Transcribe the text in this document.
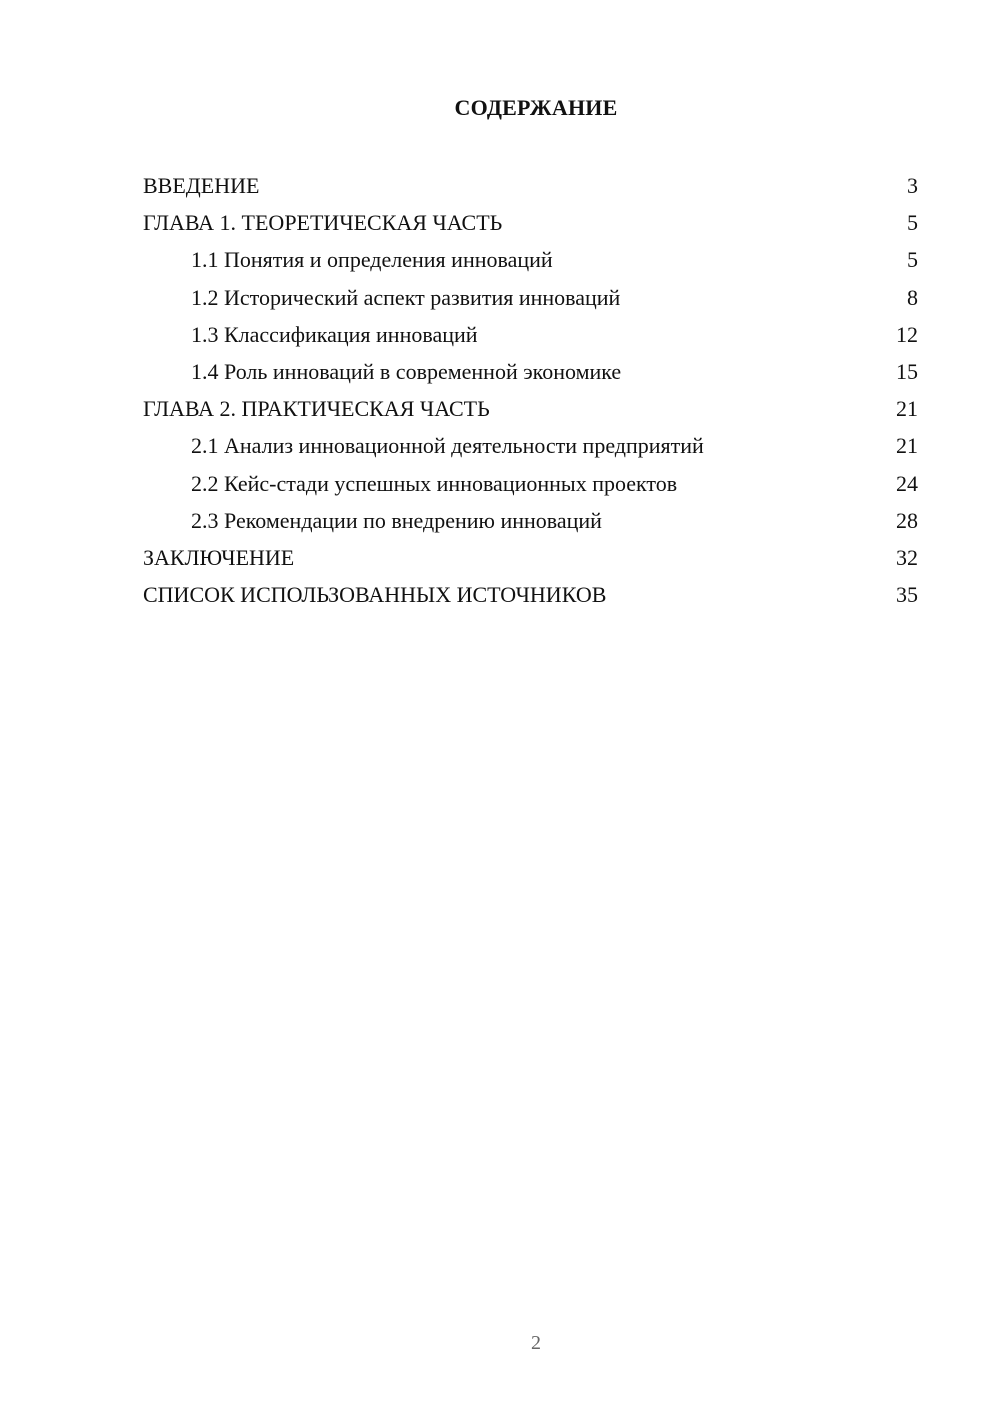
СОДЕРЖАНИЕ
ВВЕДЕНИЕ	3
ГЛАВА 1. ТЕОРЕТИЧЕСКАЯ ЧАСТЬ	5
1.1 Понятия и определения инноваций	5
1.2 Исторический аспект развития инноваций	8
1.3 Классификация инноваций	12
1.4 Роль инноваций в современной экономике	15
ГЛАВА 2. ПРАКТИЧЕСКАЯ ЧАСТЬ	21
2.1 Анализ инновационной деятельности предприятий	21
2.2 Кейс-стади успешных инновационных проектов	24
2.3 Рекомендации по внедрению инноваций	28
ЗАКЛЮЧЕНИЕ	32
СПИСОК ИСПОЛЬЗОВАННЫХ ИСТОЧНИКОВ	35
2
